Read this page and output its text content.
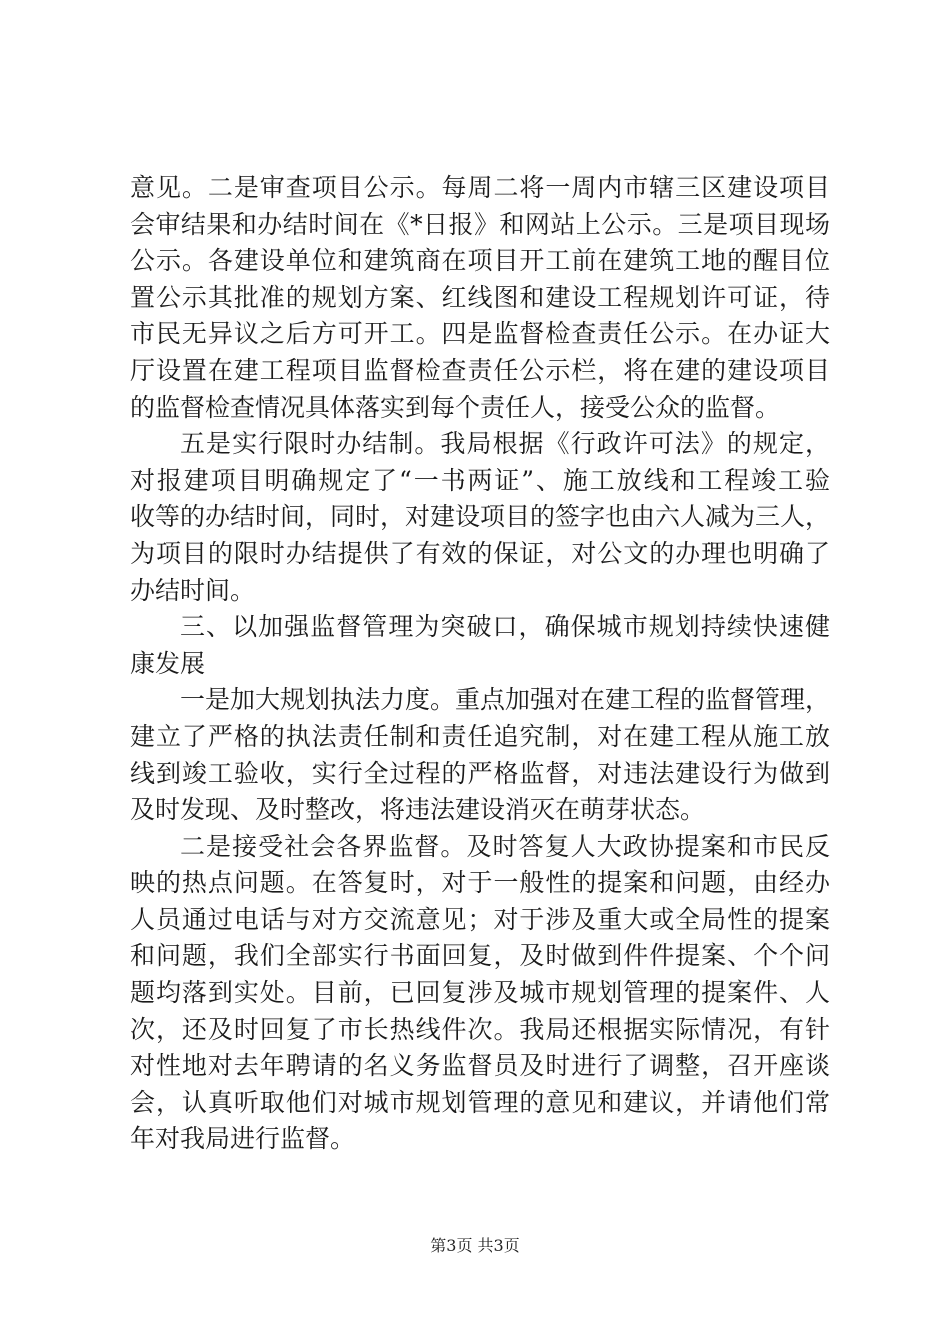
意见。二是审查项目公示。每周二将一周内市辖三区建设项目
会审结果和办结时间在《*日报》和网站上公示。三是项目现场
公示。各建设单位和建筑商在项目开工前在建筑工地的醒目位
置公示其批准的规划方案、红线图和建设工程规划许可证，待
市民无异议之后方可开工。四是监督检查责任公示。在办证大
厅设置在建工程项目监督检查责任公示栏，将在建的建设项目
的监督检查情况具体落实到每个责任人，接受公众的监督。
五是实行限时办结制。我局根据《行政许可法》的规定，
对报建项目明确规定了“一书两证”、施工放线和工程竣工验
收等的办结时间，同时，对建设项目的签字也由六人减为三人，
为项目的限时办结提供了有效的保证，对公文的办理也明确了
办结时间。
三、以加强监督管理为突破口，确保城市规划持续快速健
康发展
一是加大规划执法力度。重点加强对在建工程的监督管理，
建立了严格的执法责任制和责任追究制，对在建工程从施工放
线到竣工验收，实行全过程的严格监督，对违法建设行为做到
及时发现、及时整改，将违法建设消灭在萌芽状态。
二是接受社会各界监督。及时答复人大政协提案和市民反
映的热点问题。在答复时，对于一般性的提案和问题，由经办
人员通过电话与对方交流意见；对于涉及重大或全局性的提案
和问题，我们全部实行书面回复，及时做到件件提案、个个问
题均落到实处。目前，已回复涉及城市规划管理的提案件、人
次，还及时回复了市长热线件次。我局还根据实际情况，有针
对性地对去年聘请的名义务监督员及时进行了调整，召开座谈
会，认真听取他们对城市规划管理的意见和建议，并请他们常
年对我局进行监督。
第3页 共3页
